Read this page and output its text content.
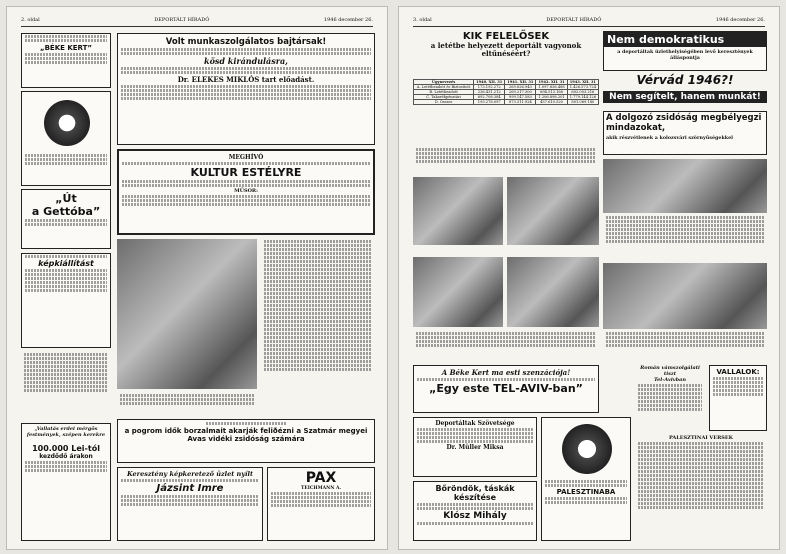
2. oldal	DEPORTÁLT HÍRADÓ	1946 december 26.
„BÉKE KERT”
„Út
a Gettóba”
képkiállítást
„Vallatás erdei mérgős festmények, szépen kerekre
100.000 Lei-tól
kezdődő árakon
Volt munkaszolgálatos bajtársak!
kösd kirándulásra,
Dr. ELEKES MIKLÓS tart előadást.
MEGHÍVÓ
KULTUR ESTÉLYRE
MŰSOR:
a pogrom idők borzalmait akarják feliðézni a Szatmár megyei Avas vidéki zsidóság számára
Keresztény képkeretező üzlet nyílt
Jázsint Imre
PAX
TEICHMANN A.
3. oldal	DEPORTÁLT HÍRADÓ	1946 december 26.
KIK FELELŐSEK
a letétbe helyezett deportált vagyonok eltűnéséért?
Ügynevezés	1940. XII. 31	1941. XII. 31	1942. XII. 31	1943. XII. 31
A. Letétbeadott és Biztosított	173.192.272	269.826.943	1.097.836.488	1.426.573.724
B. Letétbeadott	236.431.212	269.217.300	694.513.168	602.003.216
C. Takarékpénztári	692.708.384	999.147.583	1.206.898.201	1.779.144.126
D. Összes	193.278.097	873.311.924	457.610.520	801.069.180
Nem demokratikus
a deportáltak üzlethelyiségében levő keresztények álláspontja
Vérvád 1946?!
Nem segítelt, hanem munkát!
A dolgozó zsidóság megbélyegzi mindazokat,
akik részvétlenek a kolozsvári szörnyűségekkel
A Béke Kert ma esti szenzációja!
„Egy este TEL-AVIV-ban”
Deportáltak Szövetsége
Dr. Müller Miksa
Bőröndök, táskák készítése
Klósz Mihály
PALESZTINABA
Román vámszolgálati tiszt
Tel-Avivban
VALLALOK:
PALESZTINAI VERSEK
